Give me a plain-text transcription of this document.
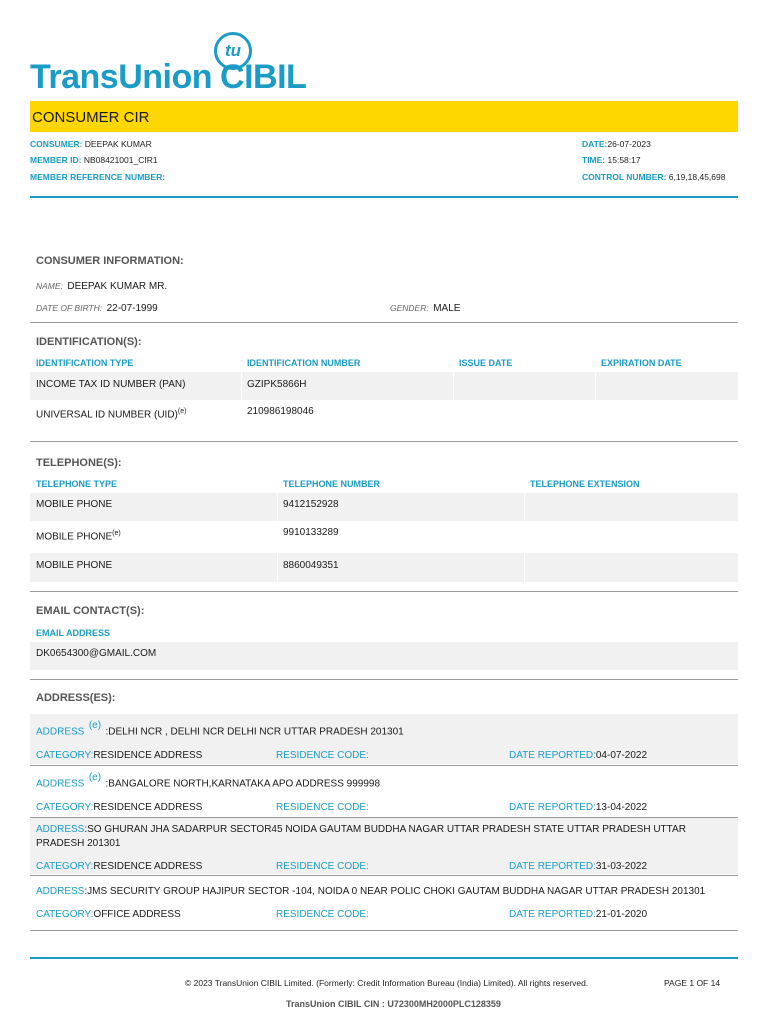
tu
TransUnion CIBIL
CONSUMER CIR
CONSUMER: DEEPAK KUMAR
MEMBER ID: NB08421001_CIR1
MEMBER REFERENCE NUMBER:
DATE:26-07-2023
TIME: 15:58:17
CONTROL NUMBER: 6,19,18,45,698
CONSUMER INFORMATION:
NAME: DEEPAK KUMAR MR.
DATE OF BIRTH: 22-07-1999	GENDER: MALE
IDENTIFICATION(S):
IDENTIFICATION TYPE	IDENTIFICATION NUMBER	ISSUE DATE	EXPIRATION DATE
INCOME TAX ID NUMBER (PAN)	GZIPK5866H
UNIVERSAL ID NUMBER (UID)$^{(e)}$	210986198046
TELEPHONE(S):
TELEPHONE TYPE	TELEPHONE NUMBER	TELEPHONE EXTENSION
MOBILE PHONE	9412152928
MOBILE PHONE$^{(e)}$	9910133289
MOBILE PHONE	8860049351
EMAIL CONTACT(S):
EMAIL ADDRESS
DK0654300@GMAIL.COM
ADDRESS(ES):
ADDRESS $^{(e)}$ :DELHI NCR , DELHI NCR DELHI NCR UTTAR PRADESH 201301
CATEGORY:RESIDENCE ADDRESS	RESIDENCE CODE:	DATE REPORTED:04-07-2022
ADDRESS $^{(e)}$ :BANGALORE NORTH,KARNATAKA APO ADDRESS 999998
CATEGORY:RESIDENCE ADDRESS	RESIDENCE CODE:	DATE REPORTED:13-04-2022
ADDRESS:SO GHURAN JHA SADARPUR SECTOR45 NOIDA GAUTAM BUDDHA NAGAR UTTAR PRADESH STATE UTTAR PRADESH UTTAR PRADESH 201301
CATEGORY:RESIDENCE ADDRESS	RESIDENCE CODE:	DATE REPORTED:31-03-2022
ADDRESS:JMS SECURITY GROUP HAJIPUR SECTOR -104, NOIDA 0 NEAR POLIC CHOKI GAUTAM BUDDHA NAGAR UTTAR PRADESH 201301
CATEGORY:OFFICE ADDRESS	RESIDENCE CODE:	DATE REPORTED:21-01-2020
© 2023 TransUnion CIBIL Limited. (Formerly: Credit Information Bureau (India) Limited). All rights reserved.	PAGE 1 OF 14
TransUnion CIBIL CIN : U72300MH2000PLC128359
